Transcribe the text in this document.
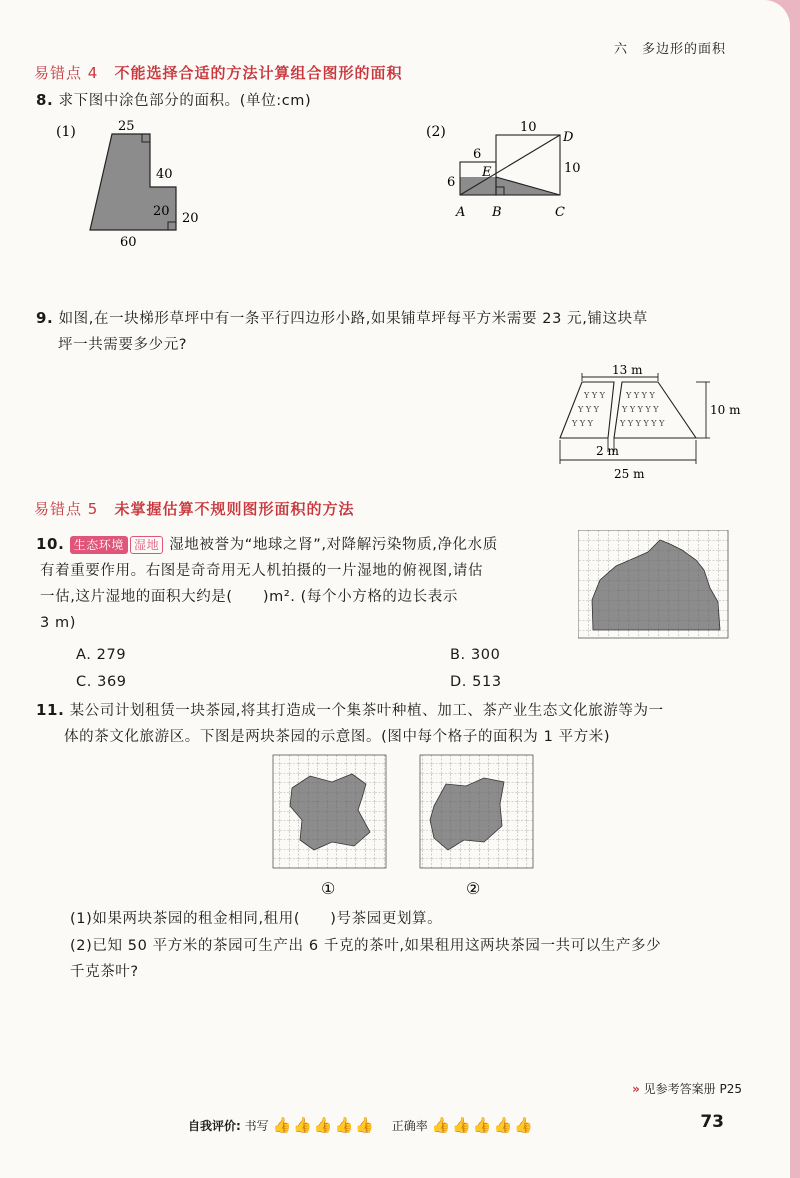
六　多边形的面积
易错点 4 不能选择合适的方法计算组合图形的面积
8. 求下图中涂色部分的面积。(单位:cm)
(1)	25
40
20 20
60
(2)	10
6
6
10
A B	C
D
E
9. 如图,在一块梯形草坪中有一条平行四边形小路,如果铺草坪每平方米需要 23 元,铺这块草
坪一共需要多少元?
13 m
Y Y Y
Y Y Y
Y Y Y
Y Y Y Y
Y Y Y Y Y
Y Y Y Y Y Y
10 m
2 m
25 m
易错点 5 未掌握估算不规则图形面积的方法
10. 生态环境 湿地 湿地被誉为“地球之肾”,对降解污染物质,净化水质
有着重要作用。右图是奇奇用无人机拍摄的一片湿地的俯视图,请估
一估,这片湿地的面积大约是(　　)m². (每个小方格的边长表示
3 m)
A. 279	B. 300
C. 369	D. 513
11. 某公司计划租赁一块茶园,将其打造成一个集茶叶种植、加工、茶产业生态文化旅游等为一
体的茶文化旅游区。下图是两块茶园的示意图。(图中每个格子的面积为 1 平方米)
①	②
(1)如果两块茶园的租金相同,租用(　　)号茶园更划算。
(2)已知 50 平方米的茶园可生产出 6 千克的茶叶,如果租用这两块茶园一共可以生产多少
千克茶叶?
» 见参考答案册 P25
自我评价: 书写 👍👍👍👍👍 正确率 👍👍👍👍👍	73
